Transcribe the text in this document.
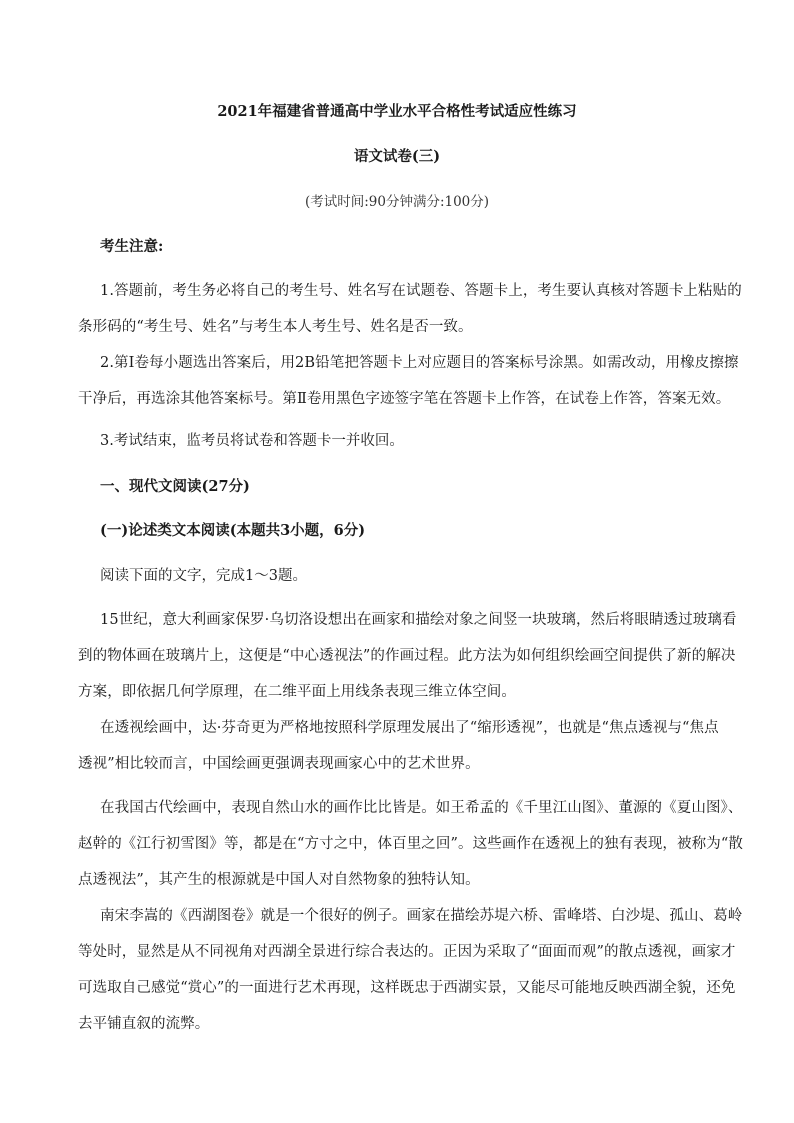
2021年福建省普通高中学业水平合格性考试适应性练习
语文试卷(三)
(考试时间:90分钟满分:100分)
考生注意:
1.答题前，考生务必将自己的考生号、姓名写在试题卷、答题卡上，考生要认真核对答题卡上粘贴的
条形码的“考生号、姓名”与考生本人考生号、姓名是否一致。
2.第Ⅰ卷每小题选出答案后，用2B铅笔把答题卡上对应题目的答案标号涂黑。如需改动，用橡皮擦擦
干净后，再选涂其他答案标号。第Ⅱ卷用黑色字迹签字笔在答题卡上作答，在试卷上作答，答案无效。
3.考试结束，监考员将试卷和答题卡一并收回。
一、现代文阅读(27分)
(一)论述类文本阅读(本题共3小题，6分)
阅读下面的文字，完成1～3题。
15世纪，意大利画家保罗·乌切洛设想出在画家和描绘对象之间竖一块玻璃，然后将眼睛透过玻璃看
到的物体画在玻璃片上，这便是“中心透视法”的作画过程。此方法为如何组织绘画空间提供了新的解决
方案，即依据几何学原理，在二维平面上用线条表现三维立体空间。
在透视绘画中，达·芬奇更为严格地按照科学原理发展出了“缩形透视”，也就是“焦点透视与“焦点
透视”相比较而言，中国绘画更强调表现画家心中的艺术世界。
在我国古代绘画中，表现自然山水的画作比比皆是。如王希孟的《千里江山图》、董源的《夏山图》、
赵幹的《江行初雪图》等，都是在“方寸之中，体百里之回”。这些画作在透视上的独有表现，被称为“散
点透视法”，其产生的根源就是中国人对自然物象的独特认知。
南宋李嵩的《西湖图卷》就是一个很好的例子。画家在描绘苏堤六桥、雷峰塔、白沙堤、孤山、葛岭
等处时，显然是从不同视角对西湖全景进行综合表达的。正因为采取了“面面而观”的散点透视，画家才
可选取自己感觉“赏心”的一面进行艺术再现，这样既忠于西湖实景，又能尽可能地反映西湖全貌，还免
去平铺直叙的流弊。
